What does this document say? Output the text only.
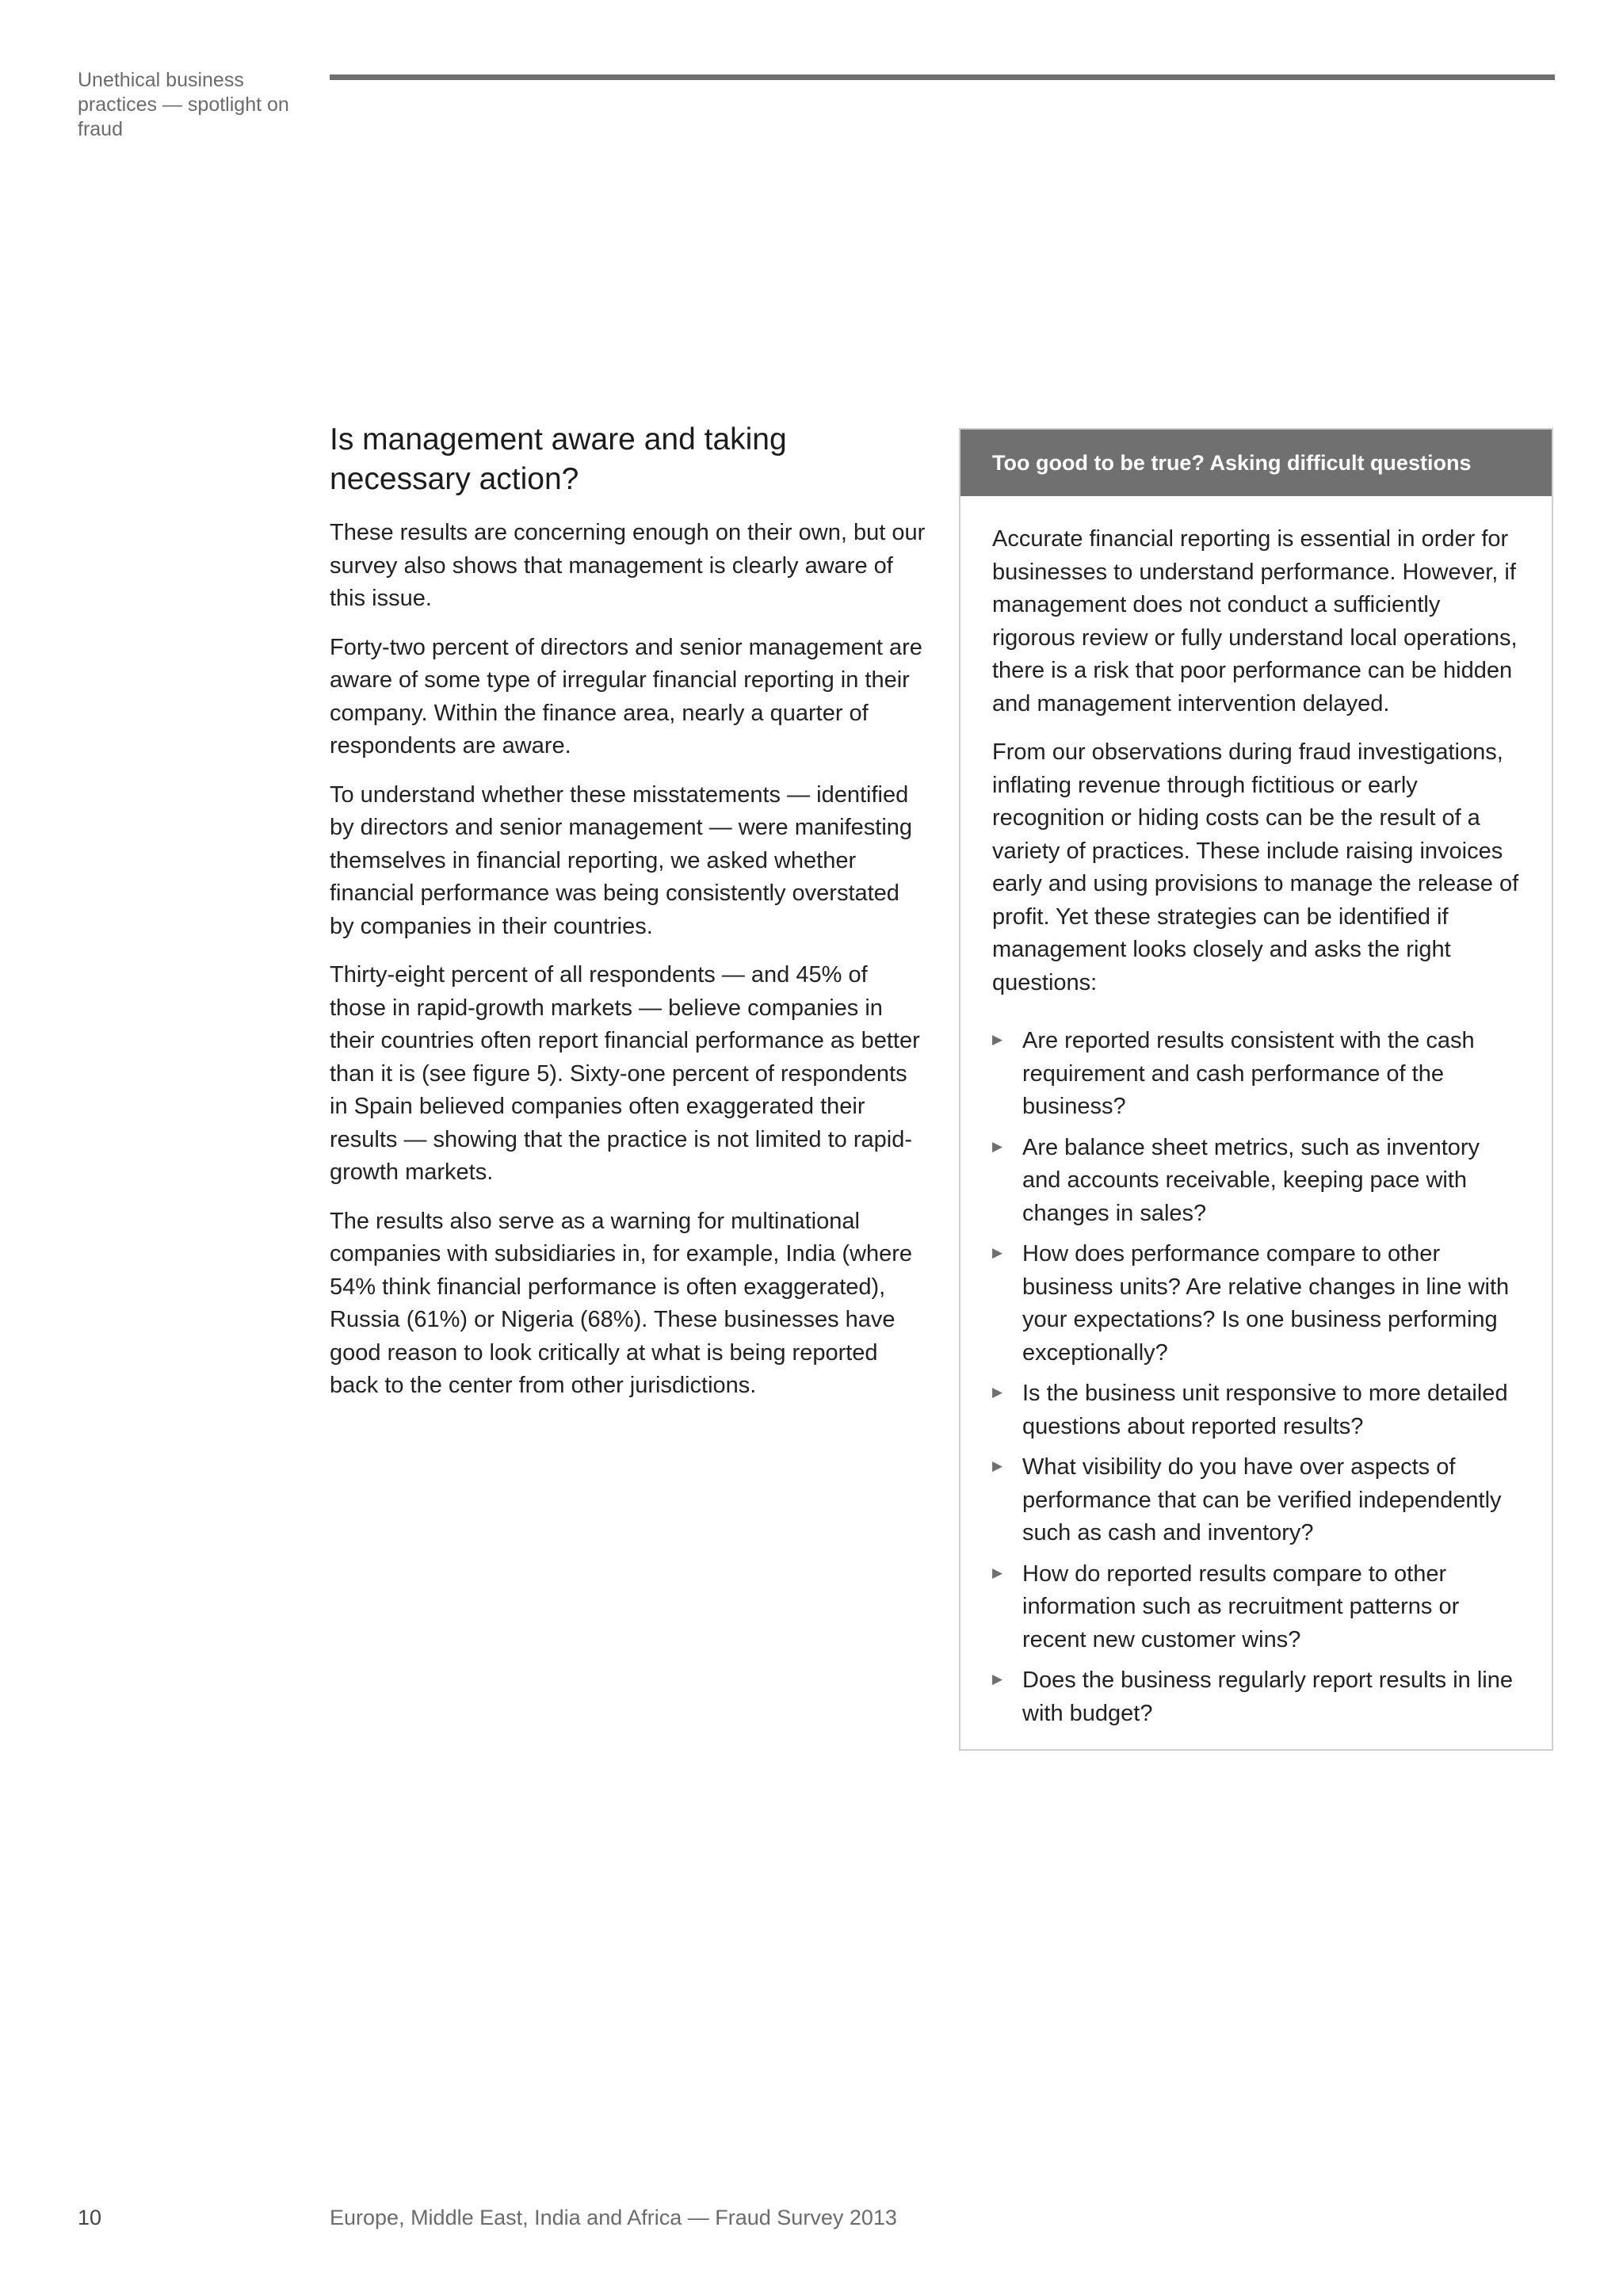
Unethical business practices — spotlight on fraud
Is management aware and taking necessary action?

These results are concerning enough on their own, but our survey also shows that management is clearly aware of this issue.

Forty-two percent of directors and senior management are aware of some type of irregular financial reporting in their company. Within the finance area, nearly a quarter of respondents are aware.

To understand whether these misstatements — identified by directors and senior management — were manifesting themselves in financial reporting, we asked whether financial performance was being consistently overstated by companies in their countries.

Thirty-eight percent of all respondents — and 45% of those in rapid-growth markets — believe companies in their countries often report financial performance as better than it is (see figure 5). Sixty-one percent of respondents in Spain believed companies often exaggerated their results — showing that the practice is not limited to rapid-growth markets.

The results also serve as a warning for multinational companies with subsidiaries in, for example, India (where 54% think financial performance is often exaggerated), Russia (61%) or Nigeria (68%). These businesses have good reason to look critically at what is being reported back to the center from other jurisdictions.

Too good to be true? Asking difficult questions

Accurate financial reporting is essential in order for businesses to understand performance. However, if management does not conduct a sufficiently rigorous review or fully understand local operations, there is a risk that poor performance can be hidden and management intervention delayed.

From our observations during fraud investigations, inflating revenue through fictitious or early recognition or hiding costs can be the result of a variety of practices. These include raising invoices early and using provisions to manage the release of profit. Yet these strategies can be identified if management looks closely and asks the right questions:

▶ Are reported results consistent with the cash requirement and cash performance of the business?
▶ Are balance sheet metrics, such as inventory and accounts receivable, keeping pace with changes in sales?
▶ How does performance compare to other business units? Are relative changes in line with your expectations? Is one business performing exceptionally?
▶ Is the business unit responsive to more detailed questions about reported results?
▶ What visibility do you have over aspects of performance that can be verified independently such as cash and inventory?
▶ How do reported results compare to other information such as recruitment patterns or recent new customer wins?
▶ Does the business regularly report results in line with budget?
10	Europe, Middle East, India and Africa — Fraud Survey 2013
